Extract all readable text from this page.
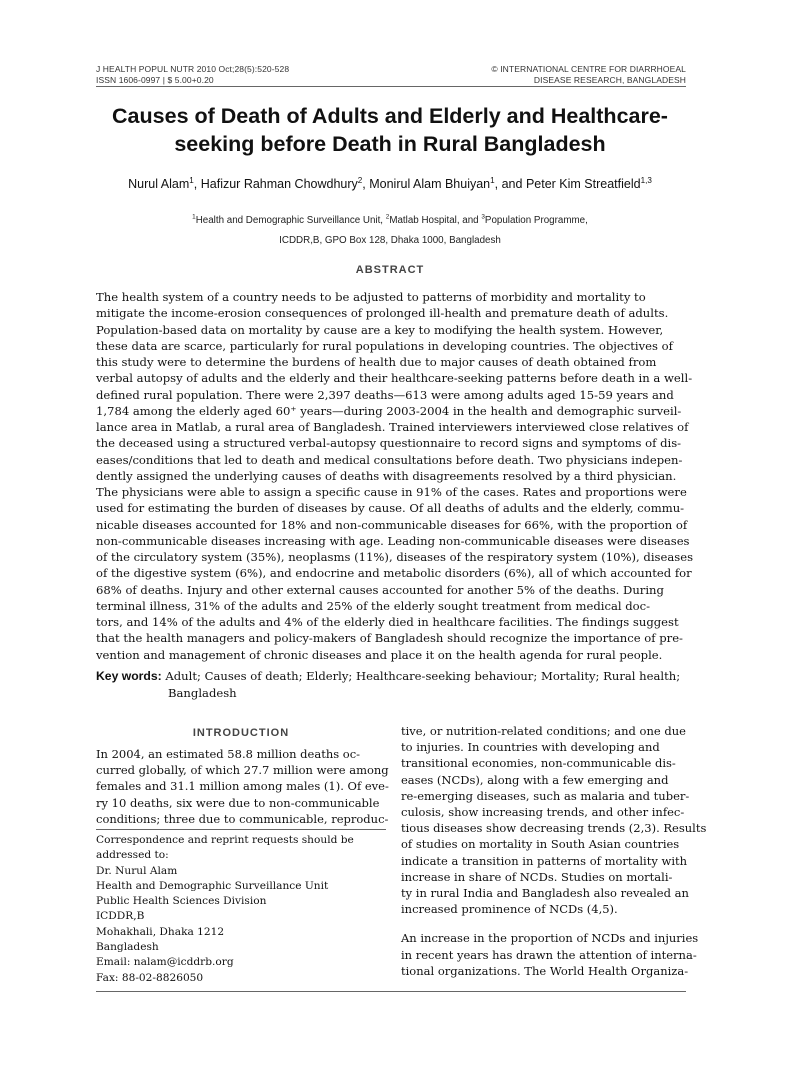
J HEALTH POPUL NUTR 2010 Oct;28(5):520-528
ISSN 1606-0997 | $ 5.00+0.20
© INTERNATIONAL CENTRE FOR DIARRHOEAL
DISEASE RESEARCH, BANGLADESH
Causes of Death of Adults and Elderly and Healthcare-
seeking before Death in Rural Bangladesh
Nurul Alam$^1$, Hafizur Rahman Chowdhury$^2$, Monirul Alam Bhuiyan$^1$, and Peter Kim Streatfield$^{1,3}$
$^1$Health and Demographic Surveillance Unit, $^2$Matlab Hospital, and $^3$Population Programme,
ICDDR,B, GPO Box 128, Dhaka 1000, Bangladesh
ABSTRACT
The health system of a country needs to be adjusted to patterns of morbidity and mortality to
mitigate the income-erosion consequences of prolonged ill-health and premature death of adults.
Population-based data on mortality by cause are a key to modifying the health system. However,
these data are scarce, particularly for rural populations in developing countries. The objectives of
this study were to determine the burdens of health due to major causes of death obtained from
verbal autopsy of adults and the elderly and their healthcare-seeking patterns before death in a well-
defined rural population. There were 2,397 deaths—613 were among adults aged 15-59 years and
1,784 among the elderly aged 60⁺ years—during 2003-2004 in the health and demographic surveil-
lance area in Matlab, a rural area of Bangladesh. Trained interviewers interviewed close relatives of
the deceased using a structured verbal-autopsy questionnaire to record signs and symptoms of dis-
eases/conditions that led to death and medical consultations before death. Two physicians indepen-
dently assigned the underlying causes of deaths with disagreements resolved by a third physician.
The physicians were able to assign a specific cause in 91% of the cases. Rates and proportions were
used for estimating the burden of diseases by cause. Of all deaths of adults and the elderly, commu-
nicable diseases accounted for 18% and non-communicable diseases for 66%, with the proportion of
non-communicable diseases increasing with age. Leading non-communicable diseases were diseases
of the circulatory system (35%), neoplasms (11%), diseases of the respiratory system (10%), diseases
of the digestive system (6%), and endocrine and metabolic disorders (6%), all of which accounted for
68% of deaths. Injury and other external causes accounted for another 5% of the deaths. During
terminal illness, 31% of the adults and 25% of the elderly sought treatment from medical doc-
tors, and 14% of the adults and 4% of the elderly died in healthcare facilities. The findings suggest
that the health managers and policy-makers of Bangladesh should recognize the importance of pre-
vention and management of chronic diseases and place it on the health agenda for rural people.
Key words: Adult; Causes of death; Elderly; Healthcare-seeking behaviour; Mortality; Rural health;
Bangladesh
INTRODUCTION
In 2004, an estimated 58.8 million deaths oc-
curred globally, of which 27.7 million were among
females and 31.1 million among males (1). Of eve-
ry 10 deaths, six were due to non-communicable
conditions; three due to communicable, reproduc-
Correspondence and reprint requests should be
addressed to:
Dr. Nurul Alam
Health and Demographic Surveillance Unit
Public Health Sciences Division
ICDDR,B
Mohakhali, Dhaka 1212
Bangladesh
Email: nalam@icddrb.org
Fax: 88-02-8826050
tive, or nutrition-related conditions; and one due
to injuries. In countries with developing and
transitional economies, non-communicable dis-
eases (NCDs), along with a few emerging and
re-emerging diseases, such as malaria and tuber-
culosis, show increasing trends, and other infec-
tious diseases show decreasing trends (2,3). Results
of studies on mortality in South Asian countries
indicate a transition in patterns of mortality with
increase in share of NCDs. Studies on mortali-
ty in rural India and Bangladesh also revealed an
increased prominence of NCDs (4,5).
An increase in the proportion of NCDs and injuries
in recent years has drawn the attention of interna-
tional organizations. The World Health Organiza-
